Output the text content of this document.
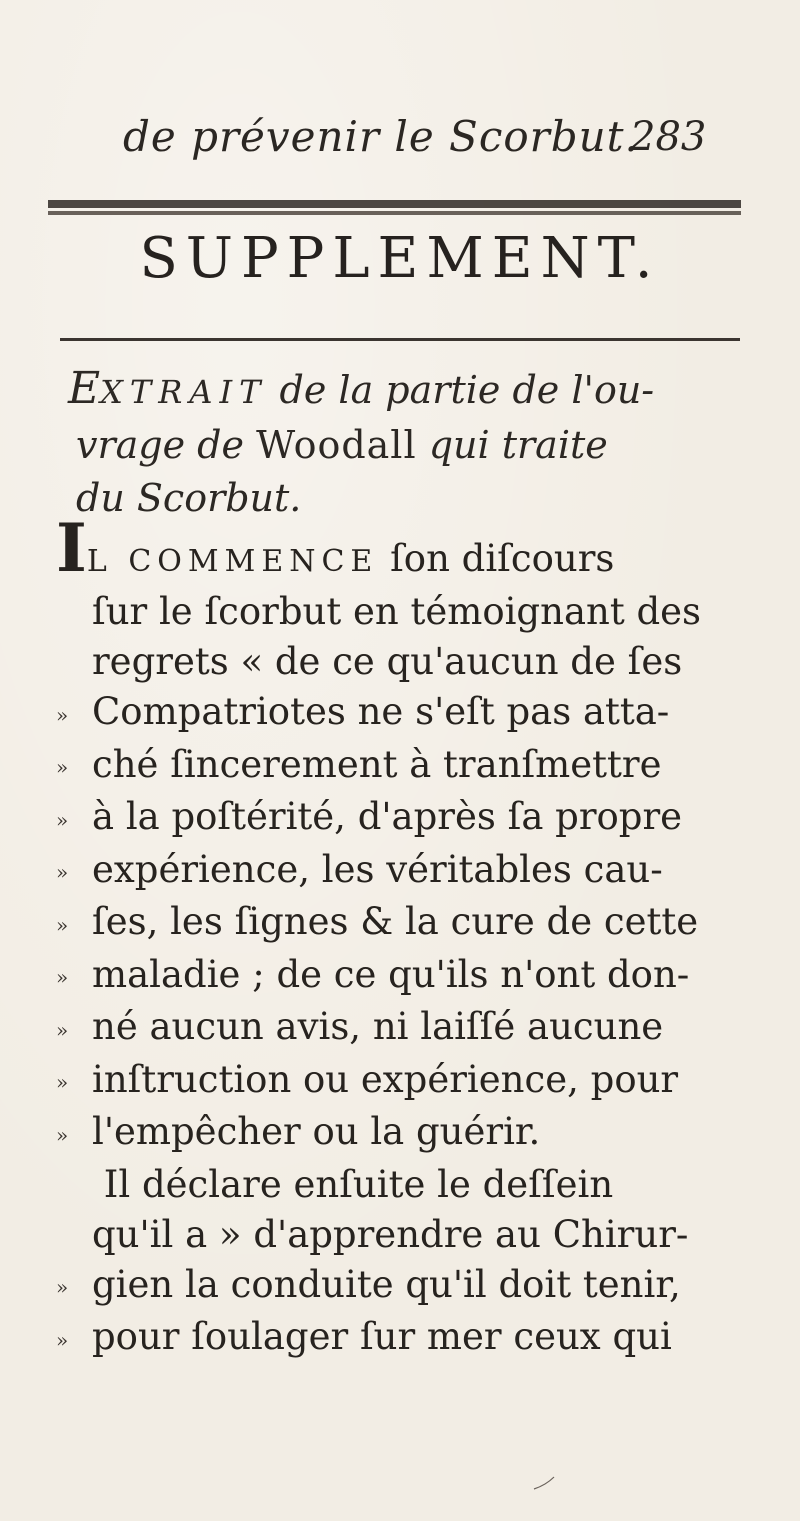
de prévenir le Scorbut.
283
SUPPLEMENT.
EXTRAIT de la partie de l'ou-
vrage de Woodall qui traite
du Scorbut.
IL COMMENCE ſon diſcours
ſur le ſcorbut en témoignant des
regrets « de ce qu'aucun de ſes
» Compatriotes ne s'eſt pas atta-
» ché ſincerement à tranſmettre
» à la poſtérité, d'après ſa propre
» expérience, les véritables cau-
» ſes, les ſignes & la cure de cette
» maladie ; de ce qu'ils n'ont don-
» né aucun avis, ni laiſſé aucune
» inſtruction ou expérience, pour
» l'empêcher ou la guérir.
Il déclare enſuite le deſſein
qu'il a » d'apprendre au Chirur-
» gien la conduite qu'il doit tenir,
» pour ſoulager ſur mer ceux qui
